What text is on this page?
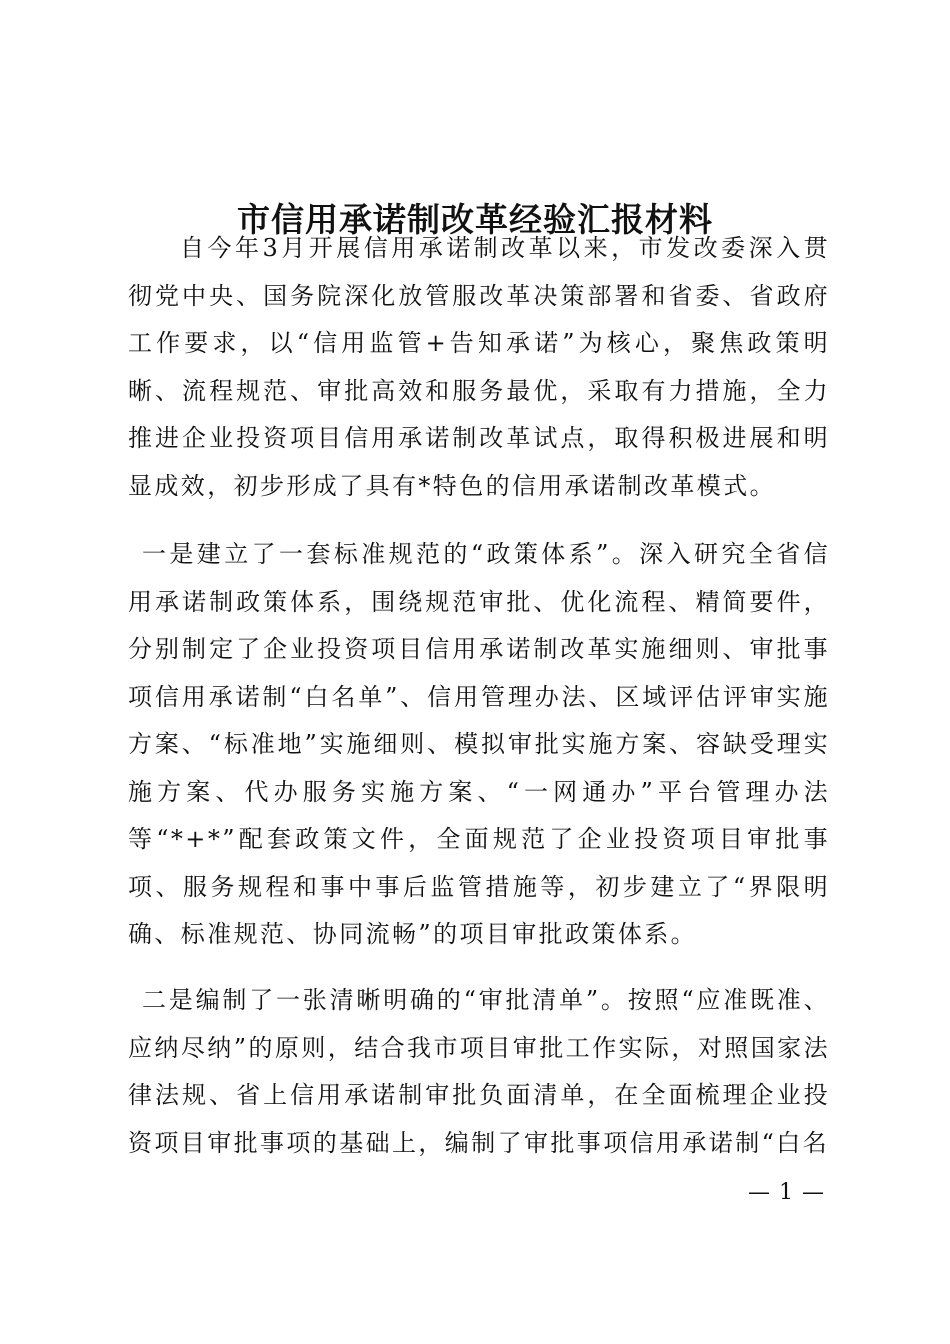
市信用承诺制改革经验汇报材料

自今年3月开展信用承诺制改革以来，市发改委深入贯彻党中央、国务院深化放管服改革决策部署和省委、省政府工作要求，以“信用监管+告知承诺”为核心，聚焦政策明晰、流程规范、审批高效和服务最优，采取有力措施，全力推进企业投资项目信用承诺制改革试点，取得积极进展和明显成效，初步形成了具有*特色的信用承诺制改革模式。

一是建立了一套标准规范的“政策体系”。深入研究全省信用承诺制政策体系，围绕规范审批、优化流程、精简要件，分别制定了企业投资项目信用承诺制改革实施细则、审批事项信用承诺制“白名单”、信用管理办法、区域评估评审实施方案、“标准地”实施细则、模拟审批实施方案、容缺受理实施方案、代办服务实施方案、“一网通办”平台管理办法等“*+*”配套政策文件，全面规范了企业投资项目审批事项、服务规程和事中事后监管措施等，初步建立了“界限明确、标准规范、协同流畅”的项目审批政策体系。

二是编制了一张清晰明确的“审批清单”。按照“应准既准、应纳尽纳”的原则，结合我市项目审批工作实际，对照国家法律法规、省上信用承诺制审批负面清单，在全面梳理企业投资项目审批事项的基础上，编制了审批事项信用承诺制“白名

— 1 —
